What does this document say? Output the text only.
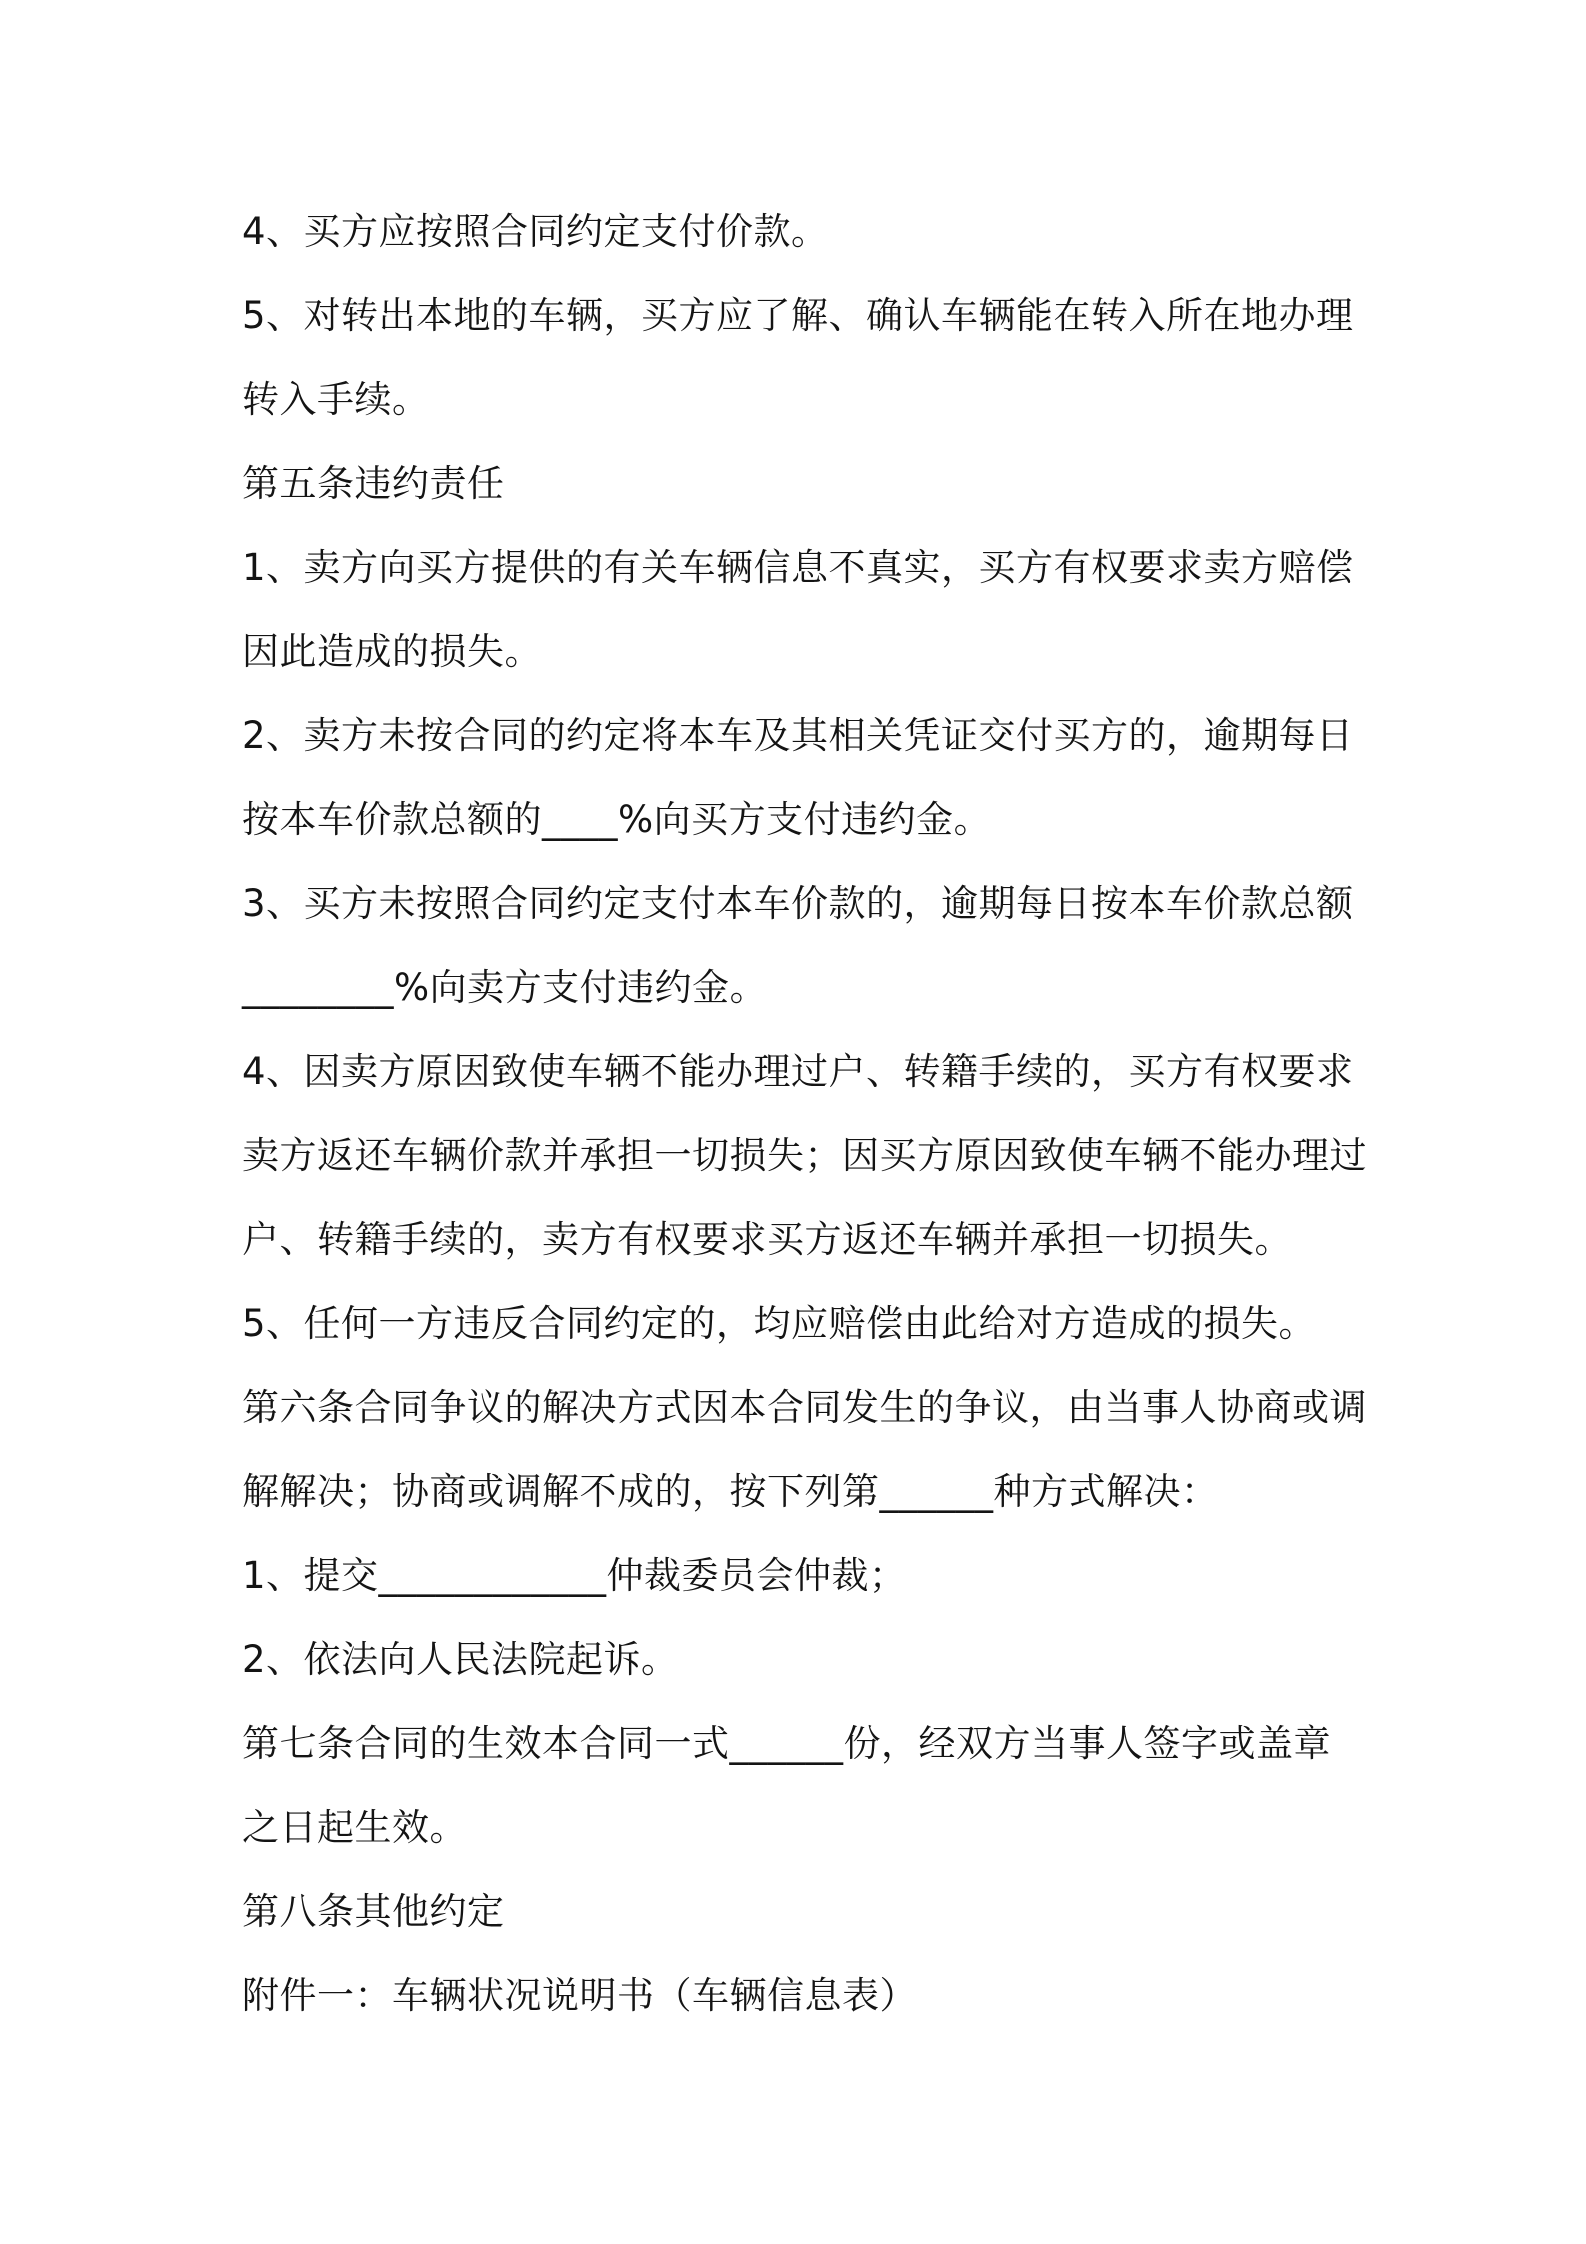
4、买方应按照合同约定支付价款。
5、对转出本地的车辆，买方应了解、确认车辆能在转入所在地办理
转入手续。
第五条违约责任
1、卖方向买方提供的有关车辆信息不真实，买方有权要求卖方赔偿
因此造成的损失。
2、卖方未按合同的约定将本车及其相关凭证交付买方的，逾期每日
按本车价款总额的____%向买方支付违约金。
3、买方未按照合同约定支付本车价款的，逾期每日按本车价款总额
________%向卖方支付违约金。
4、因卖方原因致使车辆不能办理过户、转籍手续的，买方有权要求
卖方返还车辆价款并承担一切损失；因买方原因致使车辆不能办理过
户、转籍手续的，卖方有权要求买方返还车辆并承担一切损失。
5、任何一方违反合同约定的，均应赔偿由此给对方造成的损失。
第六条合同争议的解决方式因本合同发生的争议，由当事人协商或调
解解决；协商或调解不成的，按下列第______种方式解决：
1、提交____________仲裁委员会仲裁；
2、依法向人民法院起诉。
第七条合同的生效本合同一式______份，经双方当事人签字或盖章
之日起生效。
第八条其他约定
附件一：车辆状况说明书（车辆信息表）
